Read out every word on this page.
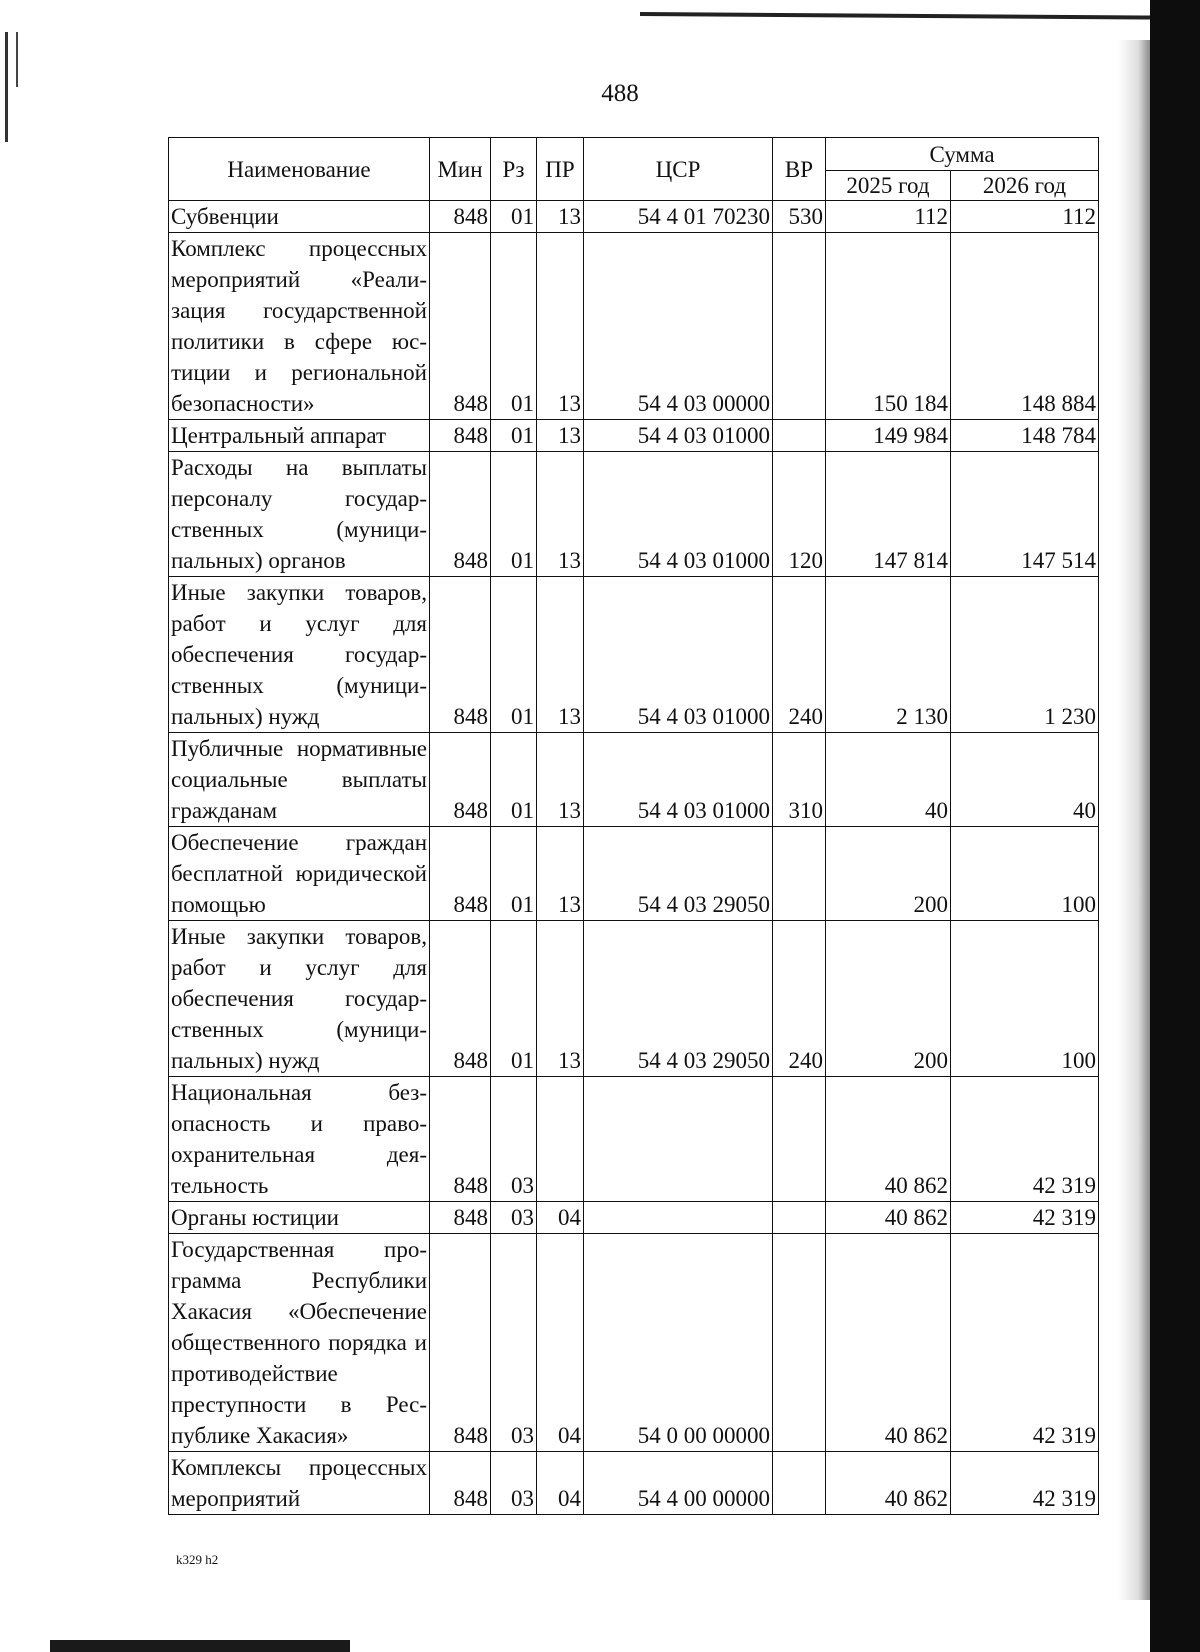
488
Наименование	Мин	Рз	ПР	ЦСР	ВР	Сумма	
						2025 год	2026 год
Субвенции	848	01	13	54 4 01 70230	530	112	112
Комплекс процессных мероприятий «Реализация государственной политики в сфере юстиции и региональной безопасности»	848	01	13	54 4 03 00000		150 184	148 884
Центральный аппарат	848	01	13	54 4 03 01000		149 984	148 784
Расходы на выплаты персоналу государственных (муниципальных) органов	848	01	13	54 4 03 01000	120	147 814	147 514
Иные закупки товаров, работ и услуг для обеспечения государственных (муниципальных) нужд	848	01	13	54 4 03 01000	240	2 130	1 230
Публичные нормативные социальные выплаты гражданам	848	01	13	54 4 03 01000	310	40	40
Обеспечение граждан бесплатной юридической помощью	848	01	13	54 4 03 29050		200	100
Иные закупки товаров, работ и услуг для обеспечения государственных (муниципальных) нужд	848	01	13	54 4 03 29050	240	200	100
Национальная безопасность и правоохранительная деятельность	848	03				40 862	42 319
Органы юстиции	848	03	04			40 862	42 319
Государственная программа Республики Хакасия «Обеспечение общественного порядка и противодействие преступности в Республике Хакасия»	848	03	04	54 0 00 00000		40 862	42 319
Комплексы процессных мероприятий	848	03	04	54 4 00 00000		40 862	42 319
k329 h2
